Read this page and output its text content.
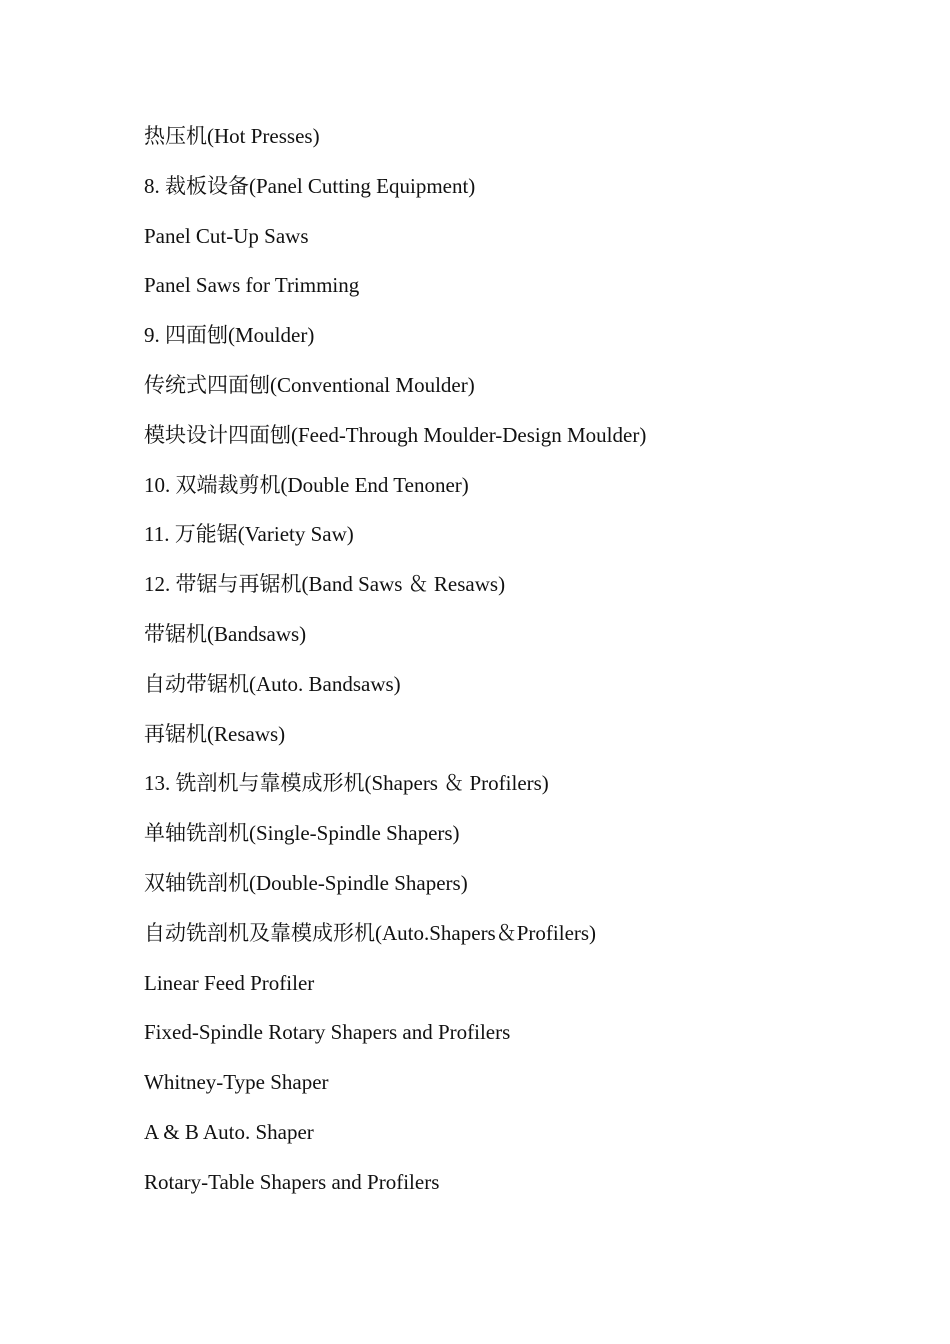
热压机(Hot Presses)
8. 裁板设备(Panel Cutting Equipment)
Panel Cut-Up Saws
Panel Saws for Trimming
9. 四面刨(Moulder)
传统式四面刨(Conventional Moulder)
模块设计四面刨(Feed-Through Moulder-Design Moulder)
10. 双端裁剪机(Double End Tenoner)
11. 万能锯(Variety Saw)
12. 带锯与再锯机(Band Saws ＆ Resaws)
带锯机(Bandsaws)
自动带锯机(Auto. Bandsaws)
再锯机(Resaws)
13. 铣剖机与靠模成形机(Shapers ＆ Profilers)
单轴铣剖机(Single-Spindle Shapers)
双轴铣剖机(Double-Spindle Shapers)
自动铣剖机及靠模成形机(Auto.Shapers＆Profilers)
Linear Feed Profiler
Fixed-Spindle Rotary Shapers and Profilers
Whitney-Type Shaper
A & B Auto. Shaper
Rotary-Table Shapers and Profilers
